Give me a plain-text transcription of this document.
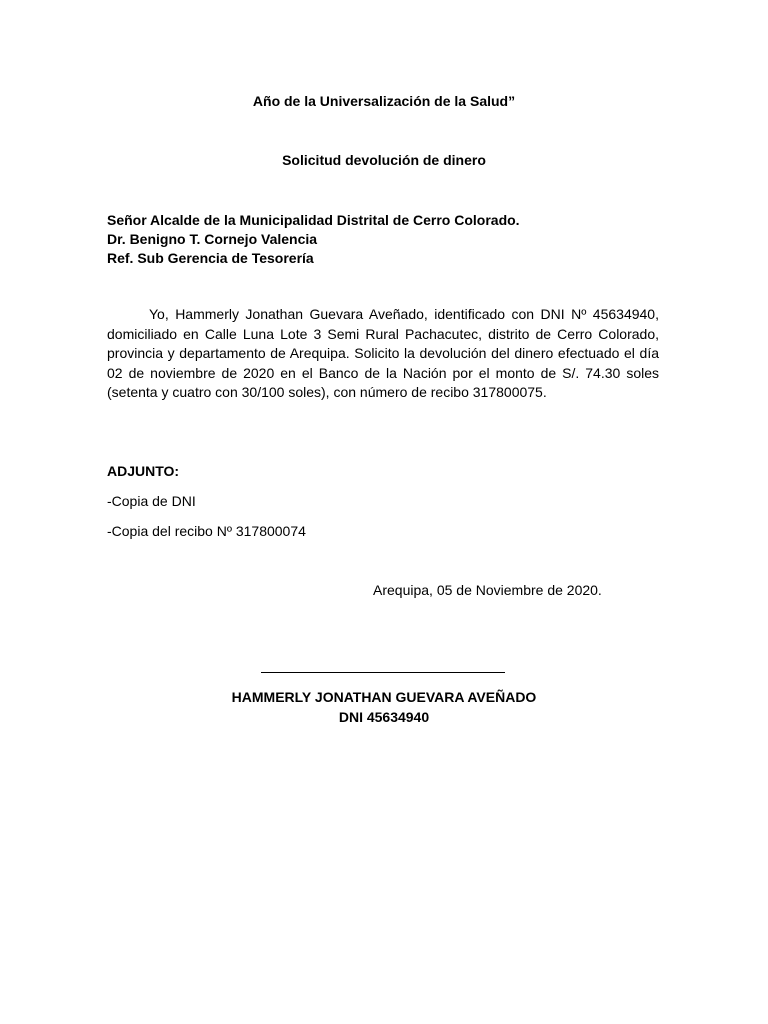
Año de la Universalización de la Salud”
Solicitud devolución de dinero
Señor Alcalde de la Municipalidad Distrital de Cerro Colorado.
Dr. Benigno T. Cornejo Valencia
Ref. Sub Gerencia de Tesorería

Yo, Hammerly Jonathan Guevara Aveñado, identificado con DNI Nº 45634940, domiciliado en Calle Luna Lote 3 Semi Rural Pachacutec, distrito de Cerro Colorado, provincia y departamento de Arequipa. Solicito la devolución del dinero efectuado el día 02 de noviembre de 2020 en el Banco de la Nación por el monto de S/. 74.30 soles (setenta y cuatro con 30/100 soles), con número de recibo 317800075.

ADJUNTO:
-Copia de DNI
-Copia del recibo Nº 317800074
Arequipa, 05 de Noviembre de 2020.
HAMMERLY JONATHAN GUEVARA AVEÑADO
DNI 45634940
